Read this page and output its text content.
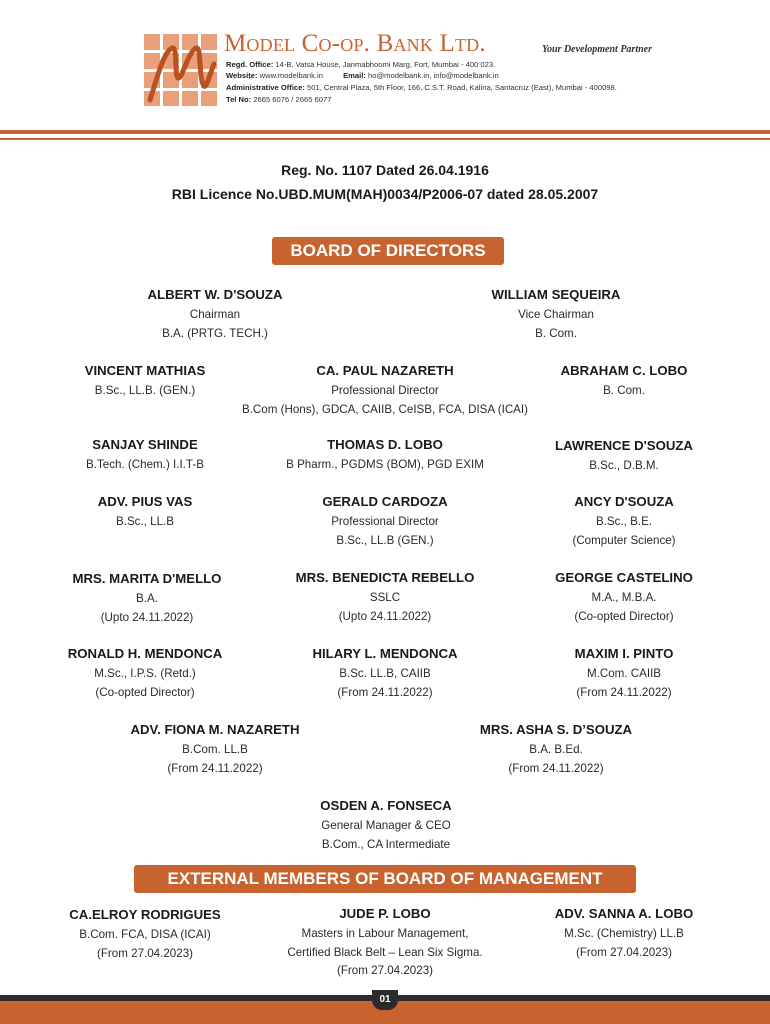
Model Co-op. Bank Ltd.	Your Development Partner
Regd. Office: 14-B, Vatsa House, Janmabhoomi Marg, Fort, Mumbai - 400 023.
Website: www.modelbank.in	Email: ho@modelbank.in, info@modelbank.in
Administrative Office: 501, Central Plaza, 5th Floor, 166, C.S.T. Road, Kalina, Santacruz (East), Mumbai - 400098.
Tel No: 2665 6076 / 2665 6077
Reg. No. 1107 Dated 26.04.1916
RBI Licence No.UBD.MUM(MAH)0034/P2006-07 dated 28.05.2007
BOARD OF DIRECTORS
ALBERT W. D'SOUZA
Chairman
B.A. (PRTG. TECH.)
WILLIAM SEQUEIRA
Vice Chairman
B. Com.
VINCENT MATHIAS
B.Sc., LL.B. (GEN.)
CA. PAUL NAZARETH
Professional Director
B.Com (Hons), GDCA, CAIIB, CeISB, FCA, DISA (ICAI)
ABRAHAM C. LOBO
B. Com.
SANJAY SHINDE
B.Tech. (Chem.) I.I.T-B
THOMAS D. LOBO
B Pharm., PGDMS (BOM), PGD EXIM
LAWRENCE D'SOUZA
B.Sc., D.B.M.
ADV. PIUS VAS
B.Sc., LL.B
GERALD CARDOZA
Professional Director
B.Sc., LL.B (GEN.)
ANCY D'SOUZA
B.Sc., B.E.
(Computer Science)
MRS. MARITA D'MELLO
B.A.
(Upto 24.11.2022)
MRS. BENEDICTA REBELLO
SSLC
(Upto 24.11.2022)
GEORGE CASTELINO
M.A., M.B.A.
(Co-opted Director)
RONALD H. MENDONCA
M.Sc., I.P.S. (Retd.)
(Co-opted Director)
HILARY L. MENDONCA
B.Sc. LL.B, CAIIB
(From 24.11.2022)
MAXIM I. PINTO
M.Com. CAIIB
(From 24.11.2022)
ADV. FIONA M. NAZARETH
B.Com. LL.B
(From 24.11.2022)
MRS. ASHA S. D’SOUZA
B.A. B.Ed.
(From 24.11.2022)
OSDEN A. FONSECA
General Manager & CEO
B.Com., CA Intermediate
EXTERNAL MEMBERS OF BOARD OF MANAGEMENT
CA.ELROY RODRIGUES
B.Com. FCA, DISA (ICAI)
(From 27.04.2023)
JUDE P. LOBO
Masters in Labour Management,
Certified Black Belt – Lean Six Sigma.
(From 27.04.2023)
ADV. SANNA A. LOBO
M.Sc. (Chemistry) LL.B
(From 27.04.2023)
01
